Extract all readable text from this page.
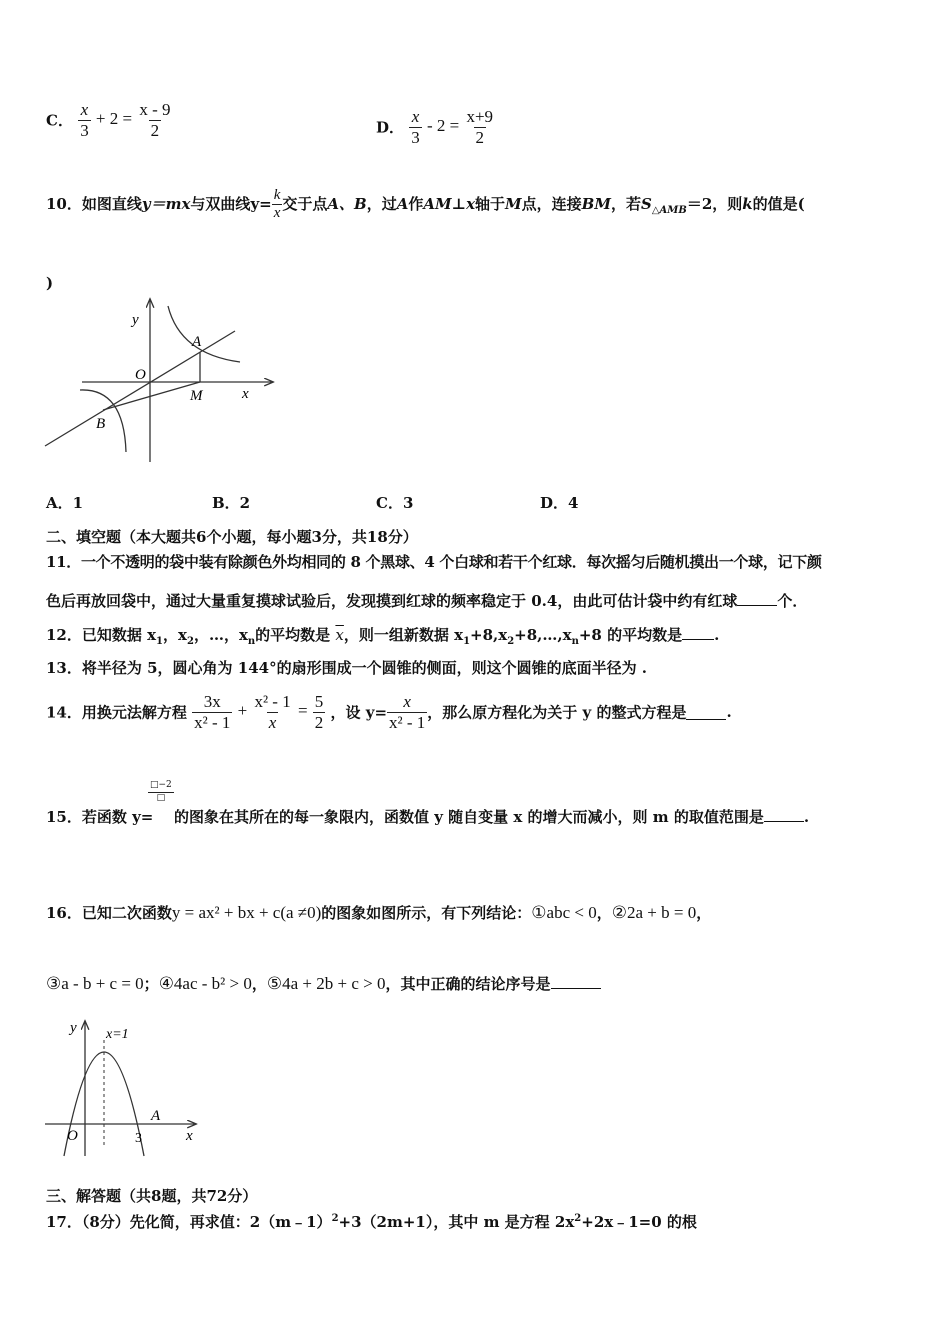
C． $\frac{x}{3} + 2 = \frac{x - 9}{2}$	D． $\frac{x}{3} - 2 = \frac{x+9}{2}$
10．如图直线y＝mx与双曲线$y= \frac{k}{x}$ 交于点A、B，过A作AM⊥x轴于M点，连接BM，若$S_{\triangle AMB}=2$，则k的值是(
)
y
O
A
M	x
B
A．1	B．2	C．3	D．4
二、填空题（本大题共6个小题，每小题3分，共18分）
11．一个不透明的袋中装有除颜色外均相同的 8 个黑球、4 个白球和若干个红球．每次摇匀后随机摸出一个球，记下颜
色后再放回袋中，通过大量重复摸球试验后，发现摸到红球的频率稳定于 0.4，由此可估计袋中约有红球	个．
12．已知数据 $x_1$，$x_2$，…，$x_n$的平均数是 $\overline{x}$，则一组新数据 $x_1+8,x_2+8,\dots,x_n+8$ 的平均数是 .
13．将半径为 5，圆心角为 144°的扇形围成一个圆锥的侧面，则这个圆锥的底面半径为 .
14．用换元法解方程 $\frac{3x}{\text{x² - 1}} + \frac{\text{x² - 1}}{x} = \frac{5}{2}$ ，设 $y= \frac{x}{\text{x² - 1}}$ ，那么原方程化为关于 y 的整式方程是	.
15．若函数 y=
□−2
□
的图象在其所在的每一象限内，函数值 y 随自变量 x 的增大而减小，则 m 的取值范围是	.
16．已知二次函数y = ax² + bx + c(a ≠0)的图象如图所示，有下列结论：①abc < 0，②2a + b = 0，
③a - b + c = 0；④4ac - b² > 0，⑤4a + 2b + c > 0，其中正确的结论序号是
y x=1
O	3
A
x
三、解答题（共8题，共72分）
17．（8分）先化简，再求值：2（m﹣1）$^2$+3（2m+1），其中 m 是方程 $2x^2+2x﹣1=0$ 的根
